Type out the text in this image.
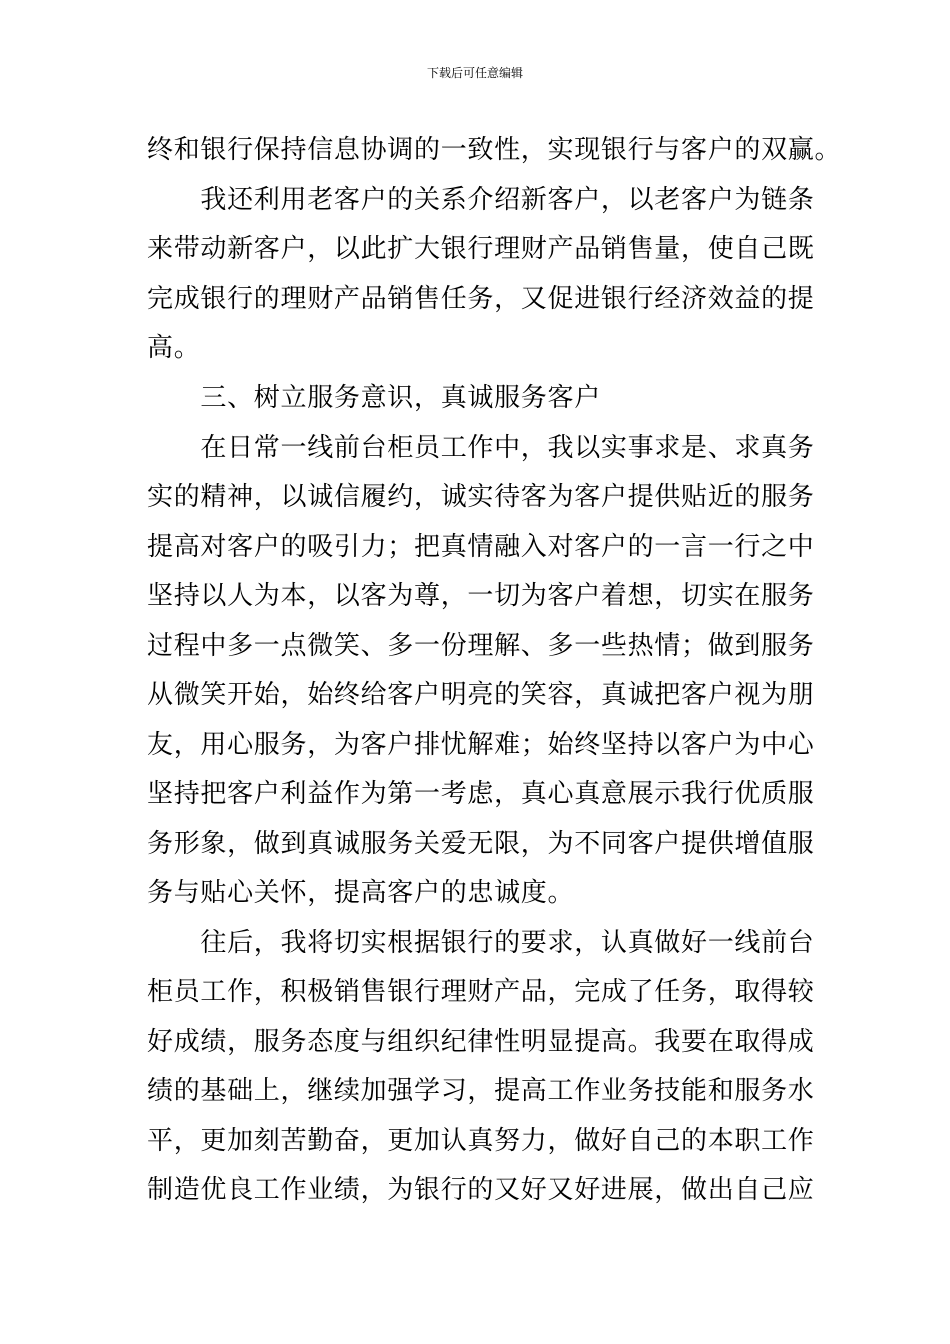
下载后可任意编辑
终和银行保持信息协调的一致性，实现银行与客户的双赢。
　　我还利用老客户的关系介绍新客户，以老客户为链条
来带动新客户，以此扩大银行理财产品销售量，使自己既
完成银行的理财产品销售任务，又促进银行经济效益的提
高。
　　三、树立服务意识，真诚服务客户
　　在日常一线前台柜员工作中，我以实事求是、求真务
实的精神，以诚信履约，诚实待客为客户提供贴近的服务
提高对客户的吸引力；把真情融入对客户的一言一行之中
坚持以人为本，以客为尊，一切为客户着想，切实在服务
过程中多一点微笑、多一份理解、多一些热情；做到服务
从微笑开始，始终给客户明亮的笑容，真诚把客户视为朋
友，用心服务，为客户排忧解难；始终坚持以客户为中心
坚持把客户利益作为第一考虑，真心真意展示我行优质服
务形象，做到真诚服务关爱无限，为不同客户提供增值服
务与贴心关怀，提高客户的忠诚度。
　　往后，我将切实根据银行的要求，认真做好一线前台
柜员工作，积极销售银行理财产品，完成了任务，取得较
好成绩，服务态度与组织纪律性明显提高。我要在取得成
绩的基础上，继续加强学习，提高工作业务技能和服务水
平，更加刻苦勤奋，更加认真努力，做好自己的本职工作
制造优良工作业绩，为银行的又好又好进展，做出自己应
